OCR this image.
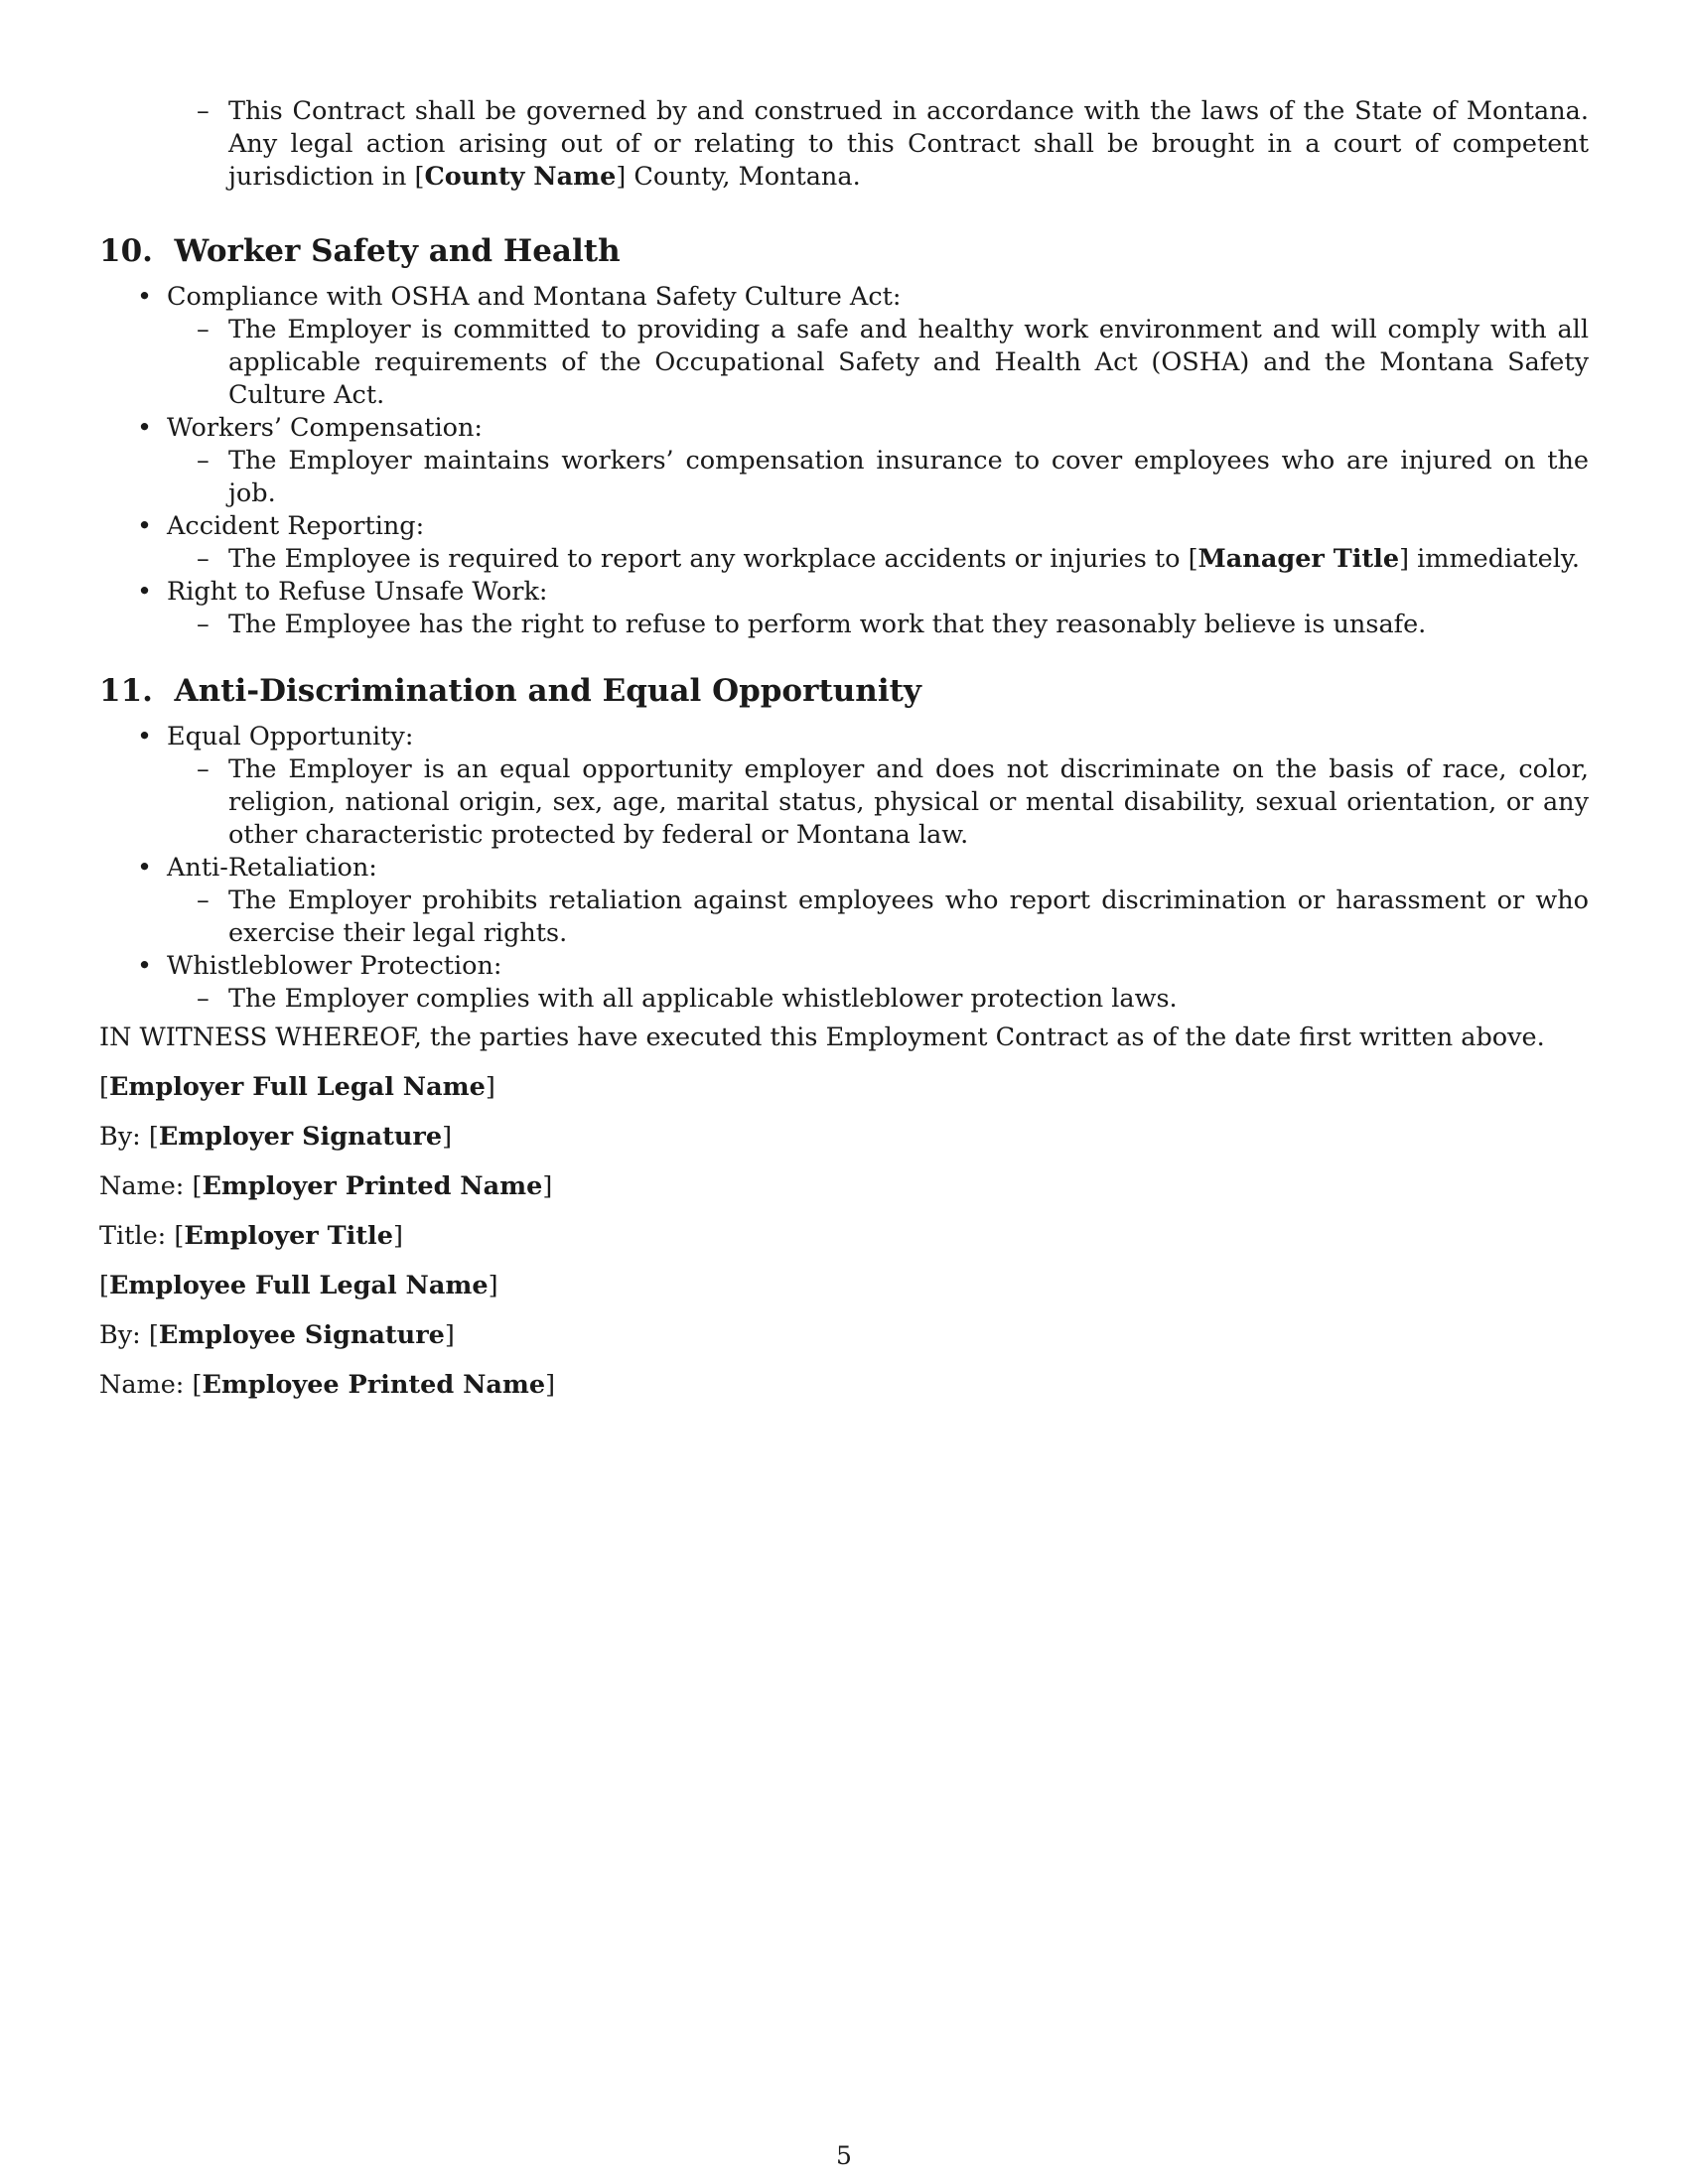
– This Contract shall be governed by and construed in accordance with the laws of the State of Montana. Any legal action arising out of or relating to this Contract shall be brought in a court of competent jurisdiction in [County Name] County, Montana.
10. Worker Safety and Health
• Compliance with OSHA and Montana Safety Culture Act:
– The Employer is committed to providing a safe and healthy work environment and will comply with all applicable requirements of the Occupational Safety and Health Act (OSHA) and the Montana Safety Culture Act.
• Workers’ Compensation:
– The Employer maintains workers’ compensation insurance to cover employees who are injured on the job.
• Accident Reporting:
– The Employee is required to report any workplace accidents or injuries to [Manager Title] immediately.
• Right to Refuse Unsafe Work:
– The Employee has the right to refuse to perform work that they reasonably believe is unsafe.
11. Anti-Discrimination and Equal Opportunity
• Equal Opportunity:
– The Employer is an equal opportunity employer and does not discriminate on the basis of race, color, religion, national origin, sex, age, marital status, physical or mental disability, sexual orientation, or any other characteristic protected by federal or Montana law.
• Anti-Retaliation:
– The Employer prohibits retaliation against employees who report discrimination or harassment or who exercise their legal rights.
• Whistleblower Protection:
– The Employer complies with all applicable whistleblower protection laws.
IN WITNESS WHEREOF, the parties have executed this Employment Contract as of the date first written above.
[Employer Full Legal Name]
By: [Employer Signature]
Name: [Employer Printed Name]
Title: [Employer Title]
[Employee Full Legal Name]
By: [Employee Signature]
Name: [Employee Printed Name]
5
